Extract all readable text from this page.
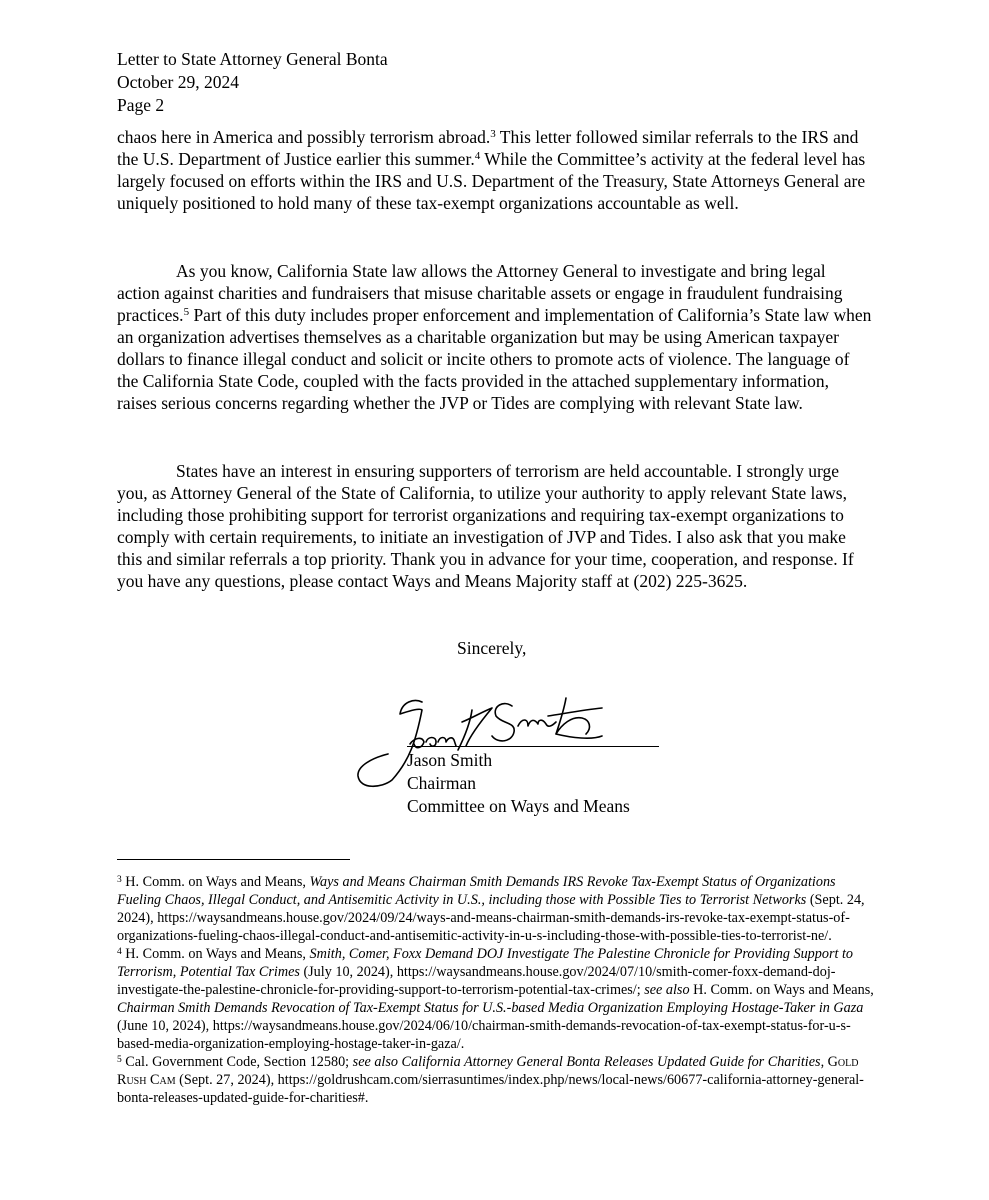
Letter to State Attorney General Bonta
October 29, 2024
Page 2

chaos here in America and possibly terrorism abroad.$^3$ This letter followed similar referrals to the IRS and the U.S. Department of Justice earlier this summer.$^4$ While the Committee’s activity at the federal level has largely focused on efforts within the IRS and U.S. Department of the Treasury, State Attorneys General are uniquely positioned to hold many of these tax-exempt organizations accountable as well.

As you know, California State law allows the Attorney General to investigate and bring legal action against charities and fundraisers that misuse charitable assets or engage in fraudulent fundraising practices.$^5$ Part of this duty includes proper enforcement and implementation of California’s State law when an organization advertises themselves as a charitable organization but may be using American taxpayer dollars to finance illegal conduct and solicit or incite others to promote acts of violence. The language of the California State Code, coupled with the facts provided in the attached supplementary information, raises serious concerns regarding whether the JVP or Tides are complying with relevant State law.

States have an interest in ensuring supporters of terrorism are held accountable. I strongly urge you, as Attorney General of the State of California, to utilize your authority to apply relevant State laws, including those prohibiting support for terrorist organizations and requiring tax-exempt organizations to comply with certain requirements, to initiate an investigation of JVP and Tides. I also ask that you make this and similar referrals a top priority. Thank you in advance for your time, cooperation, and response. If you have any questions, please contact Ways and Means Majority staff at (202) 225-3625.

Sincerely,
Jason Smith
Chairman
Committee on Ways and Means

$^3$ H. Comm. on Ways and Means, Ways and Means Chairman Smith Demands IRS Revoke Tax-Exempt Status of Organizations Fueling Chaos, Illegal Conduct, and Antisemitic Activity in U.S., including those with Possible Ties to Terrorist Networks (Sept. 24, 2024), https://waysandmeans.house.gov/2024/09/24/ways-and-means-chairman-smith-demands-irs-revoke-tax-exempt-status-of-organizations-fueling-chaos-illegal-conduct-and-antisemitic-activity-in-u-s-including-those-with-possible-ties-to-terrorist-ne/.

$^4$ H. Comm. on Ways and Means, Smith, Comer, Foxx Demand DOJ Investigate The Palestine Chronicle for Providing Support to Terrorism, Potential Tax Crimes (July 10, 2024), https://waysandmeans.house.gov/2024/07/10/smith-comer-foxx-demand-doj-investigate-the-palestine-chronicle-for-providing-support-to-terrorism-potential-tax-crimes/; see also H. Comm. on Ways and Means, Chairman Smith Demands Revocation of Tax-Exempt Status for U.S.-based Media Organization Employing Hostage-Taker in Gaza (June 10, 2024), https://waysandmeans.house.gov/2024/06/10/chairman-smith-demands-revocation-of-tax-exempt-status-for-u-s-based-media-organization-employing-hostage-taker-in-gaza/.

$^5$ Cal. Government Code, Section 12580; see also California Attorney General Bonta Releases Updated Guide for Charities, Gold Rush Cam (Sept. 27, 2024), https://goldrushcam.com/sierrasuntimes/index.php/news/local-news/60677-california-attorney-general-bonta-releases-updated-guide-for-charities#.
